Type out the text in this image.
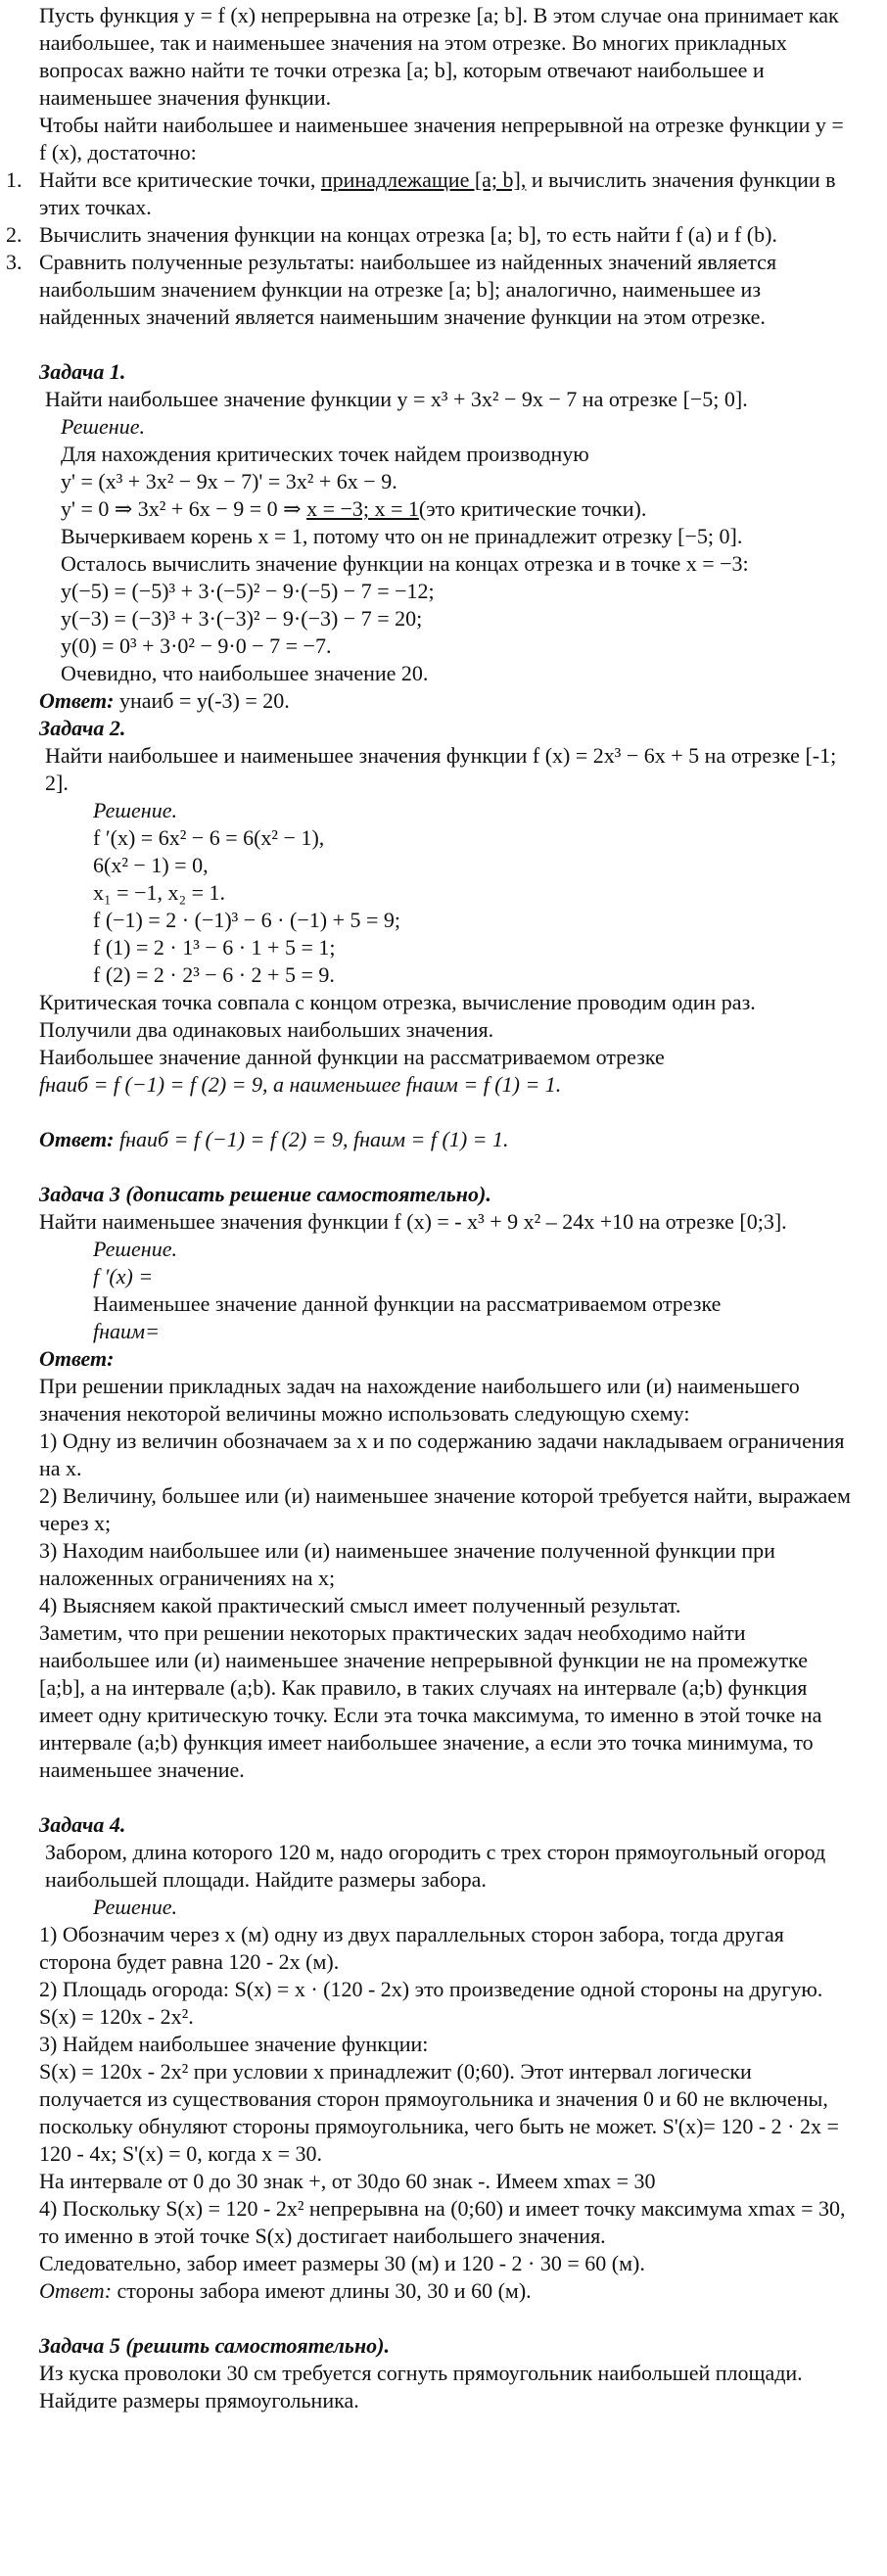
Пусть функция y = f (x) непрерывна на отрезке [a; b]. В этом случае она принимает как наибольшее, так и наименьшее значения на этом отрезке. Во многих прикладных вопросах важно найти те точки отрезка [a; b], которым отвечают наибольшее и наименьшее значения функции.

Чтобы найти наибольшее и наименьшее значения непрерывной на отрезке функции y = f (x), достаточно:

1. Найти все критические точки, принадлежащие [a; b], и вычислить значения функции в этих точках.
2. Вычислить значения функции на концах отрезка [a; b], то есть найти f (a) и f (b).
3. Сравнить полученные результаты: наибольшее из найденных значений является наибольшим значением функции на отрезке [a; b]; аналогично, наименьшее из найденных значений является наименьшим значение функции на этом отрезке.

Задача 1.

Найти наибольшее значение функции y = x³ + 3x² − 9x − 7 на отрезке [−5; 0].

Решение.

Для нахождения критических точек найдем производную

y' = (x³ + 3x² − 9x − 7)' = 3x² + 6x − 9.

y' = 0 ⇒ 3x² + 6x − 9 = 0 ⇒ x = −3; x = 1(это критические точки).

Вычеркиваем корень x = 1, потому что он не принадлежит отрезку [−5; 0].

Осталось вычислить значение функции на концах отрезка и в точке x = −3:

y(−5) = (−5)³ + 3·(−5)² − 9·(−5) − 7 = −12;

y(−3) = (−3)³ + 3·(−3)² − 9·(−3) − 7 = 20;

y(0) = 0³ + 3·0² − 9·0 − 7 = −7.

Очевидно, что наибольшее значение 20.

Ответ: yнаиб = y(-3) = 20.

Задача 2.

Найти наибольшее и наименьшее значения функции f (x) = 2x³ − 6x + 5 на отрезке [-1; 2].

Решение.

f ′(x) = 6x² − 6 = 6(x² − 1),

6(x² − 1) = 0,

x₁ = −1, x₂ = 1.

f (−1) = 2 · (−1)³ − 6 · (−1) + 5 = 9;

f (1) = 2 · 1³ − 6 · 1 + 5 = 1;

f (2) = 2 · 2³ − 6 · 2 + 5 = 9.

Критическая точка совпала с концом отрезка, вычисление проводим один раз. Получили два одинаковых наибольших значения.

Наибольшее значение данной функции на рассматриваемом отрезке

fнаиб = f (−1) = f (2) = 9, а наименьшее fнаим = f (1) = 1.

Ответ: fнаиб = f (−1) = f (2) = 9, fнаим = f (1) = 1.

Задача 3 (дописать решение самостоятельно).

Найти наименьшее значения функции f (x) = - x³ + 9 x² – 24x +10 на отрезке [0;3].

Решение.

f ′(x) =

Наименьшее значение данной функции на рассматриваемом отрезке

fнаим=

Ответ:

При решении прикладных задач на нахождение наибольшего или (и) наименьшего значения некоторой величины можно использовать следующую схему:

1) Одну из величин обозначаем за x и по содержанию задачи накладываем ограничения на x.

2) Величину, большее или (и) наименьшее значение которой требуется найти, выражаем через x;

3) Находим наибольшее или (и) наименьшее значение полученной функции при наложенных ограничениях на x;

4) Выясняем какой практический смысл имеет полученный результат.

Заметим, что при решении некоторых практических задач необходимо найти наибольшее или (и) наименьшее значение непрерывной функции не на промежутке [a;b], а на интервале (a;b). Как правило, в таких случаях на интервале (a;b) функция имеет одну критическую точку. Если эта точка максимума, то именно в этой точке на интервале (a;b) функция имеет наибольшее значение, а если это точка минимума, то наименьшее значение.

Задача 4.

Забором, длина которого 120 м, надо огородить с трех сторон прямоугольный огород наибольшей площади. Найдите размеры забора.

Решение.

1) Обозначим через x (м) одну из двух параллельных сторон забора, тогда другая сторона будет равна 120 - 2x (м).

2) Площадь огорода: S(x) = x · (120 - 2x) это произведение одной стороны на другую.

S(x) = 120x - 2x².

3) Найдем наибольшее значение функции:

S(x) = 120x - 2x² при условии x принадлежит (0;60). Этот интервал логически получается из существования сторон прямоугольника и значения 0 и 60 не включены, поскольку обнуляют стороны прямоугольника, чего быть не может. S'(x)= 120 - 2 · 2x = 120 - 4x; S'(x) = 0, когда x = 30.

На интервале от 0 до 30 знак +, от 30до 60 знак -. Имеем xmax = 30

4) Поскольку S(x) = 120 - 2x² непрерывна на (0;60) и имеет точку максимума xmax = 30, то именно в этой точке S(x) достигает наибольшего значения.

Следовательно, забор имеет размеры 30 (м) и 120 - 2 · 30 = 60 (м).

Ответ: стороны забора имеют длины 30, 30 и 60 (м).

Задача 5 (решить самостоятельно).

Из куска проволоки 30 см требуется согнуть прямоугольник наибольшей площади. Найдите размеры прямоугольника.
